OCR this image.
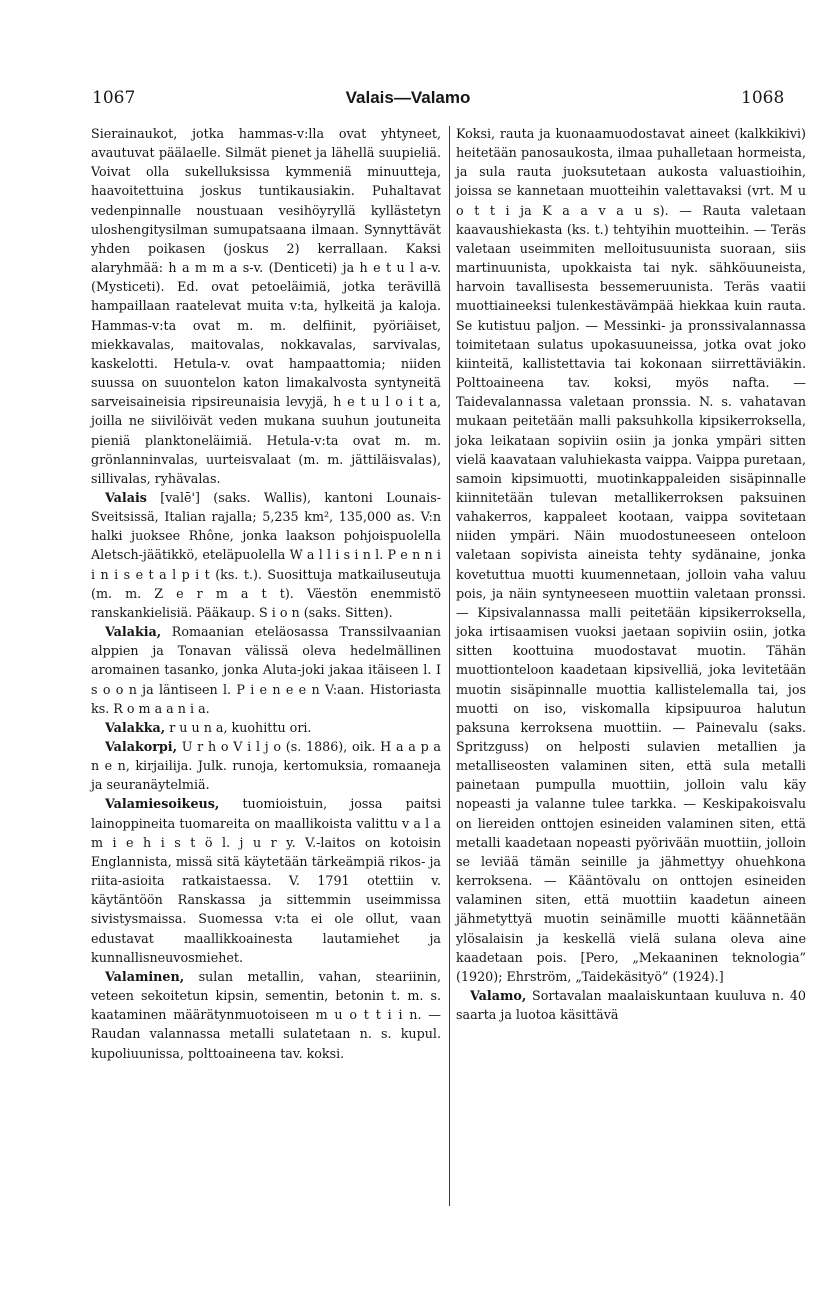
1067	Valais—Valamo	1068

Sierainaukot, jotka hammas-v:lla ovat yhtyneet, avautuvat päälaelle. Silmät pienet ja lähellä suupieliä. Voivat olla sukelluksissa kymmeniä minuutteja, haavoitettuina joskus tuntikausiakin. Puhaltavat vedenpinnalle noustuaan vesihöyryllä kyllästetyn uloshengitysilman sumupatsaana ilmaan. Synnyttävät yhden poikasen (joskus 2) kerrallaan. Kaksi alaryhmää: h a m m a s-v. (Denticeti) ja h e t u l a-v. (Mysticeti). Ed. ovat petoeläimiä, jotka terävillä hampaillaan raatelevat muita v:ta, hylkeitä ja kaloja. Hammas-v:ta ovat m. m. delfiinit, pyöriäiset, miekkavalas, maitovalas, nokkavalas, sarvivalas, kaskelotti. Hetula-v. ovat hampaattomia; niiden suussa on suuontelon katon limakalvosta syntyneitä sarveisaineisia ripsireunaisia levyjä, h e t u l o i t a, joilla ne siivilöivät veden mukana suuhun joutuneita pieniä planktoneläimiä. Hetula-v:ta ovat m. m. grönlanninvalas, uurteisvalaat (m. m. jättiläisvalas), sillivalas, ryhävalas.

Valais [valē'] (saks. Wallis), kantoni Lounais-Sveitsissä, Italian rajalla; 5,235 km², 135,000 as. V:n halki juoksee Rhône, jonka laakson pohjoispuolella Aletsch-jäätikkö, eteläpuolella W a l l i s i n l. P e n n i i n i s e t a l p i t (ks. t.). Suosittuja matkailuseutuja (m. m. Z e r m a t t). Väestön enemmistö ranskankielisiä. Pääkaup. S i o n (saks. Sitten).

Valakia, Romaanian eteläosassa Transsilvaanian alppien ja Tonavan välissä oleva hedelmällinen aromainen tasanko, jonka Aluta-joki jakaa itäiseen l. I s o o n ja läntiseen l. P i e n e e n V:aan. Historiasta ks. R o m a a n i a.

Valakka, r u u n a, kuohittu ori.

Valakorpi, U r h o V i l j o (s. 1886), oik. H a a p a n e n, kirjailija. Julk. runoja, kertomuksia, romaaneja ja seuranäytelmiä.

Valamiesoikeus, tuomioistuin, jossa paitsi lainoppineita tuomareita on maallikoista valittu v a l a m i e h i s t ö l. j u r y. V.-laitos on kotoisin Englannista, missä sitä käytetään tärkeämpiä rikos- ja riita-asioita ratkaistaessa. V. 1791 otettiin v. käytäntöön Ranskassa ja sittemmin useimmissa sivistysmaissa. Suomessa v:ta ei ole ollut, vaan edustavat maallikkoainesta lautamiehet ja kunnallisneuvosmiehet.

Valaminen, sulan metallin, vahan, steariinin, veteen sekoitetun kipsin, sementin, betonin t. m. s. kaataminen määrätynmuotoiseen m u o t t i i n. — Raudan valannassa metalli sulatetaan n. s. kupul. kupoliuunissa, polttoaineena tav. koksi.

Koksi, rauta ja kuonaamuodostavat aineet (kalkkikivi) heitetään panosaukosta, ilmaa puhalletaan hormeista, ja sula rauta juoksutetaan aukosta valuastioihin, joissa se kannetaan muotteihin valettavaksi (vrt. M u o t t i ja K a a v a u s). — Rauta valetaan kaavaushiekasta (ks. t.) tehtyihin muotteihin. — Teräs valetaan useimmiten melloitusuunista suoraan, siis martinuunista, upokkaista tai nyk. sähköuuneista, harvoin tavallisesta bessemeruunista. Teräs vaatii muottiaineeksi tulenkestävämpää hiekkaa kuin rauta. Se kutistuu paljon. — Messinki- ja pronssivalannassa toimitetaan sulatus upokasuuneissa, jotka ovat joko kiinteitä, kallistettavia tai kokonaan siirrettäviäkin. Polttoaineena tav. koksi, myös nafta. — Taidevalannassa valetaan pronssia. N. s. vahatavan mukaan peitetään malli paksuhkolla kipsikerroksella, joka leikataan sopiviin osiin ja jonka ympäri sitten vielä kaavataan valuhiekasta vaippa. Vaippa puretaan, samoin kipsimuotti, muotinkappaleiden sisäpinnalle kiinnitetään tulevan metallikerroksen paksuinen vahakerros, kappaleet kootaan, vaippa sovitetaan niiden ympäri. Näin muodostuneeseen onteloon valetaan sopivista aineista tehty sydänaine, jonka kovetuttua muotti kuumennetaan, jolloin vaha valuu pois, ja näin syntyneeseen muottiin valetaan pronssi. — Kipsivalannassa malli peitetään kipsikerroksella, joka irtisaamisen vuoksi jaetaan sopiviin osiin, jotka sitten koottuina muodostavat muotin. Tähän muottionteloon kaadetaan kipsivelliä, joka levitetään muotin sisäpinnalle muottia kallistelemalla tai, jos muotti on iso, viskomalla kipsipuuroa halutun paksuna kerroksena muottiin. — Painevalu (saks. Spritzguss) on helposti sulavien metallien ja metalliseosten valaminen siten, että sula metalli painetaan pumpulla muottiin, jolloin valu käy nopeasti ja valanne tulee tarkka. — Keskipakoisvalu on liereiden onttojen esineiden valaminen siten, että metalli kaadetaan nopeasti pyörivään muottiin, jolloin se leviää tämän seinille ja jähmettyy ohuehkona kerroksena. — Kääntövalu on onttojen esineiden valaminen siten, että muottiin kaadetun aineen jähmetyttyä muotin seinämille muotti käännetään ylösalaisin ja keskellä vielä sulana oleva aine kaadetaan pois. [Pero, „Mekaaninen teknologia” (1920); Ehrström, „Taidekäsityö” (1924).]

Valamo, Sortavalan maalaiskuntaan kuuluva n. 40 saarta ja luotoa käsittävä
